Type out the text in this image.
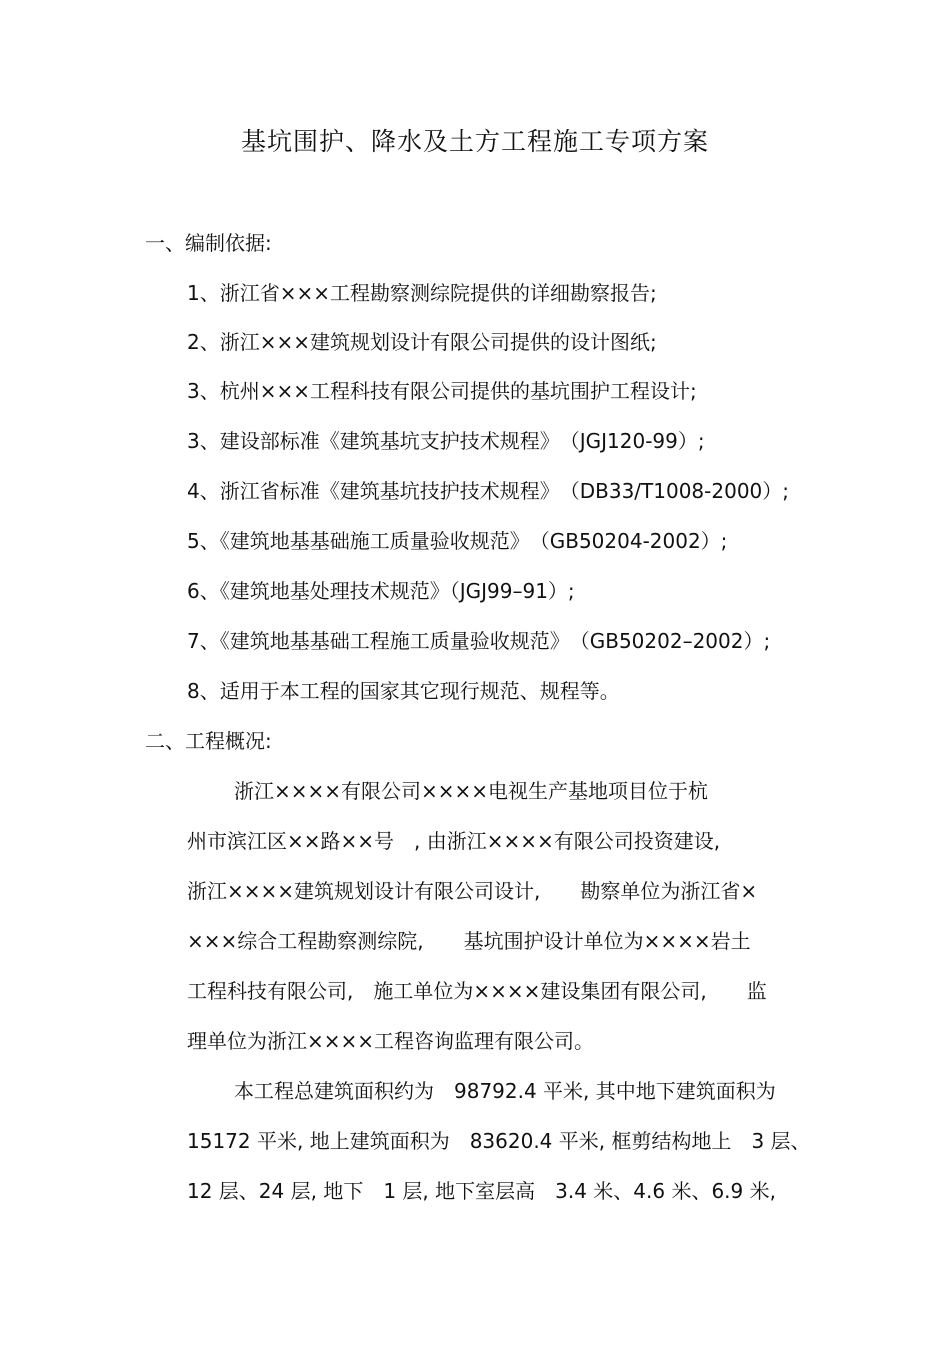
基坑围护、降水及土方工程施工专项方案
一、编制依据:
1、浙江省×××工程勘察测综院提供的详细勘察报告;
2、浙江×××建筑规划设计有限公司提供的设计图纸;
3、杭州×××工程科技有限公司提供的基坑围护工程设计;
3、建设部标准《建筑基坑支护技术规程》　（JGJ120-99）;
4、浙江省标准《建筑基坑技护技术规程》　（DB33/T1008-2000）;
5、《建筑地基基础施工质量验收规范》　（GB50204-2002）;
6、《建筑地基处理技术规范》（JGJ99–91）;
7、《建筑地基基础工程施工质量验收规范》　（GB50202–2002）;
8、适用于本工程的国家其它现行规范、规程等。
二、工程概况:
浙江××××有限公司××××电视生产基地项目位于杭
州市滨江区××路××号　, 由浙江××××有限公司投资建设,
浙江××××建筑规划设计有限公司设计,　　勘察单位为浙江省×
×××综合工程勘察测综院,　　基坑围护设计单位为××××岩土
工程科技有限公司,　施工单位为××××建设集团有限公司,　　监
理单位为浙江××××工程咨询监理有限公司。
本工程总建筑面积约为　98792.4 平米, 其中地下建筑面积为
15172 平米, 地上建筑面积为　83620.4 平米, 框剪结构地上　3 层、
12 层、24 层, 地下　1 层, 地下室层高　3.4 米、4.6 米、6.9 米,
